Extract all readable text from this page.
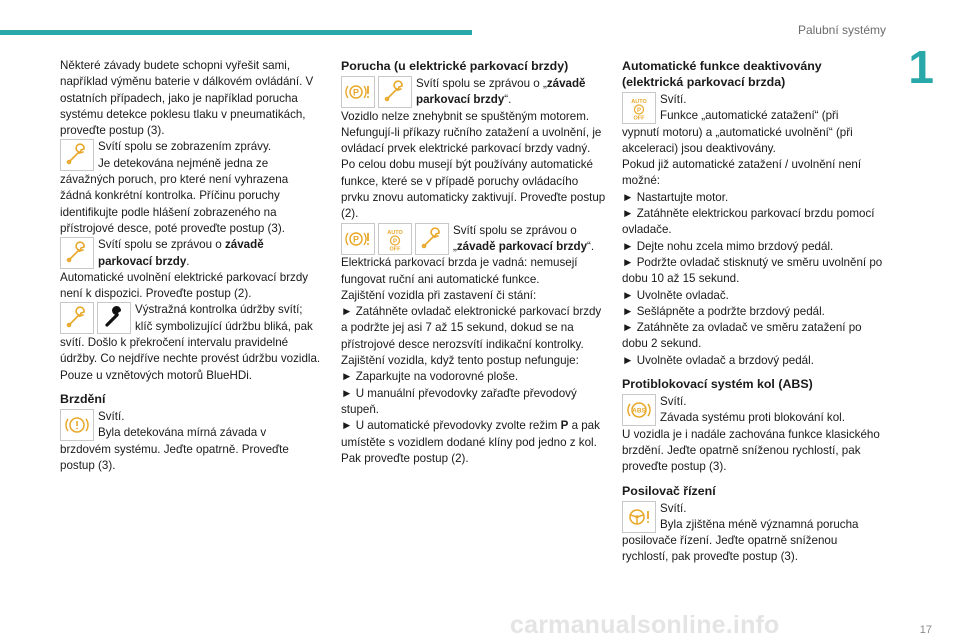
Palubní systémy
1

Některé závady budete schopni vyřešit sami, například výměnu baterie v dálkovém ovládání. V ostatních případech, jako je například porucha systému detekce poklesu tlaku v pneumatikách, proveďte postup (3).

Svítí spolu se zobrazením zprávy.

Je detekována nejméně jedna ze

závažných poruch, pro které není vyhrazena žádná konkrétní kontrolka. Příčinu poruchy identifikujte podle hlášení zobrazeného na přístrojové desce, poté proveďte postup (3).

Svítí spolu se zprávou o závadě

parkovací brzdy.

Automatické uvolnění elektrické parkovací brzdy není k dispozici. Proveďte postup (2).

Výstražná kontrolka údržby svítí;

klíč symbolizující údržbu bliká, pak

svítí. Došlo k překročení intervalu pravidelné údržby. Co nejdříve nechte provést údržbu vozidla. Pouze u vznětových motorů BlueHDi.

Brzdění

Svítí.

Byla detekována mírná závada v

brzdovém systému. Jeďte opatrně. Proveďte postup (3).

Porucha (u elektrické parkovací brzdy)
P

Svítí spolu se zprávou o „závadě

parkovací brzdy“.

Vozidlo nelze znehybnit se spuštěným motorem. Nefungují-li příkazy ručního zatažení a uvolnění, je ovládací prvek elektrické parkovací brzdy vadný. Po celou dobu musejí být používány automatické funkce, které se v případě poruchy ovládacího prvku znovu automaticky zaktivují. Proveďte postup (2).

P
AUTO
P
OFF

Svítí spolu se zprávou o

„závadě parkovací brzdy“.

Elektrická parkovací brzda je vadná: nemusejí fungovat ruční ani automatické funkce.

Zajištění vozidla při zastavení či stání:

► Zatáhněte ovladač elektronické parkovací brzdy a podržte jej asi 7 až 15 sekund, dokud se na přístrojové desce nerozsvítí indikační kontrolky.

Zajištění vozidla, když tento postup nefunguje:

► Zaparkujte na vodorovné ploše.

► U manuální převodovky zařaďte převodový stupeň.

► U automatické převodovky zvolte režim P a pak umístěte s vozidlem dodané klíny pod jedno z kol.

Pak proveďte postup (2).

Automatické funkce deaktivovány (elektrická parkovací brzda)
AUTO
P
OFF

Svítí.

Funkce „automatické zatažení“ (při

vypnutí motoru) a „automatické uvolnění“ (při akceleraci) jsou deaktivovány.

Pokud již automatické zatažení / uvolnění není možné:

► Nastartujte motor.

► Zatáhněte elektrickou parkovací brzdu pomocí ovladače.

► Dejte nohu zcela mimo brzdový pedál.

► Podržte ovladač stisknutý ve směru uvolnění po dobu 10 až 15 sekund.

► Uvolněte ovladač.

► Sešlápněte a podržte brzdový pedál.

► Zatáhněte za ovladač ve směru zatažení po dobu 2 sekund.

► Uvolněte ovladač a brzdový pedál.

Protiblokovací systém kol (ABS)
ABS

Svítí.

Závada systému proti blokování kol.

U vozidla je i nadále zachována funkce klasického brzdění. Jeďte opatrně sníženou rychlostí, pak proveďte postup (3).

Posilovač řízení

Svítí.

Byla zjištěna méně významná porucha

posilovače řízení. Jeďte opatrně sníženou rychlostí, pak proveďte postup (3).

carmanualsonline.info	17
